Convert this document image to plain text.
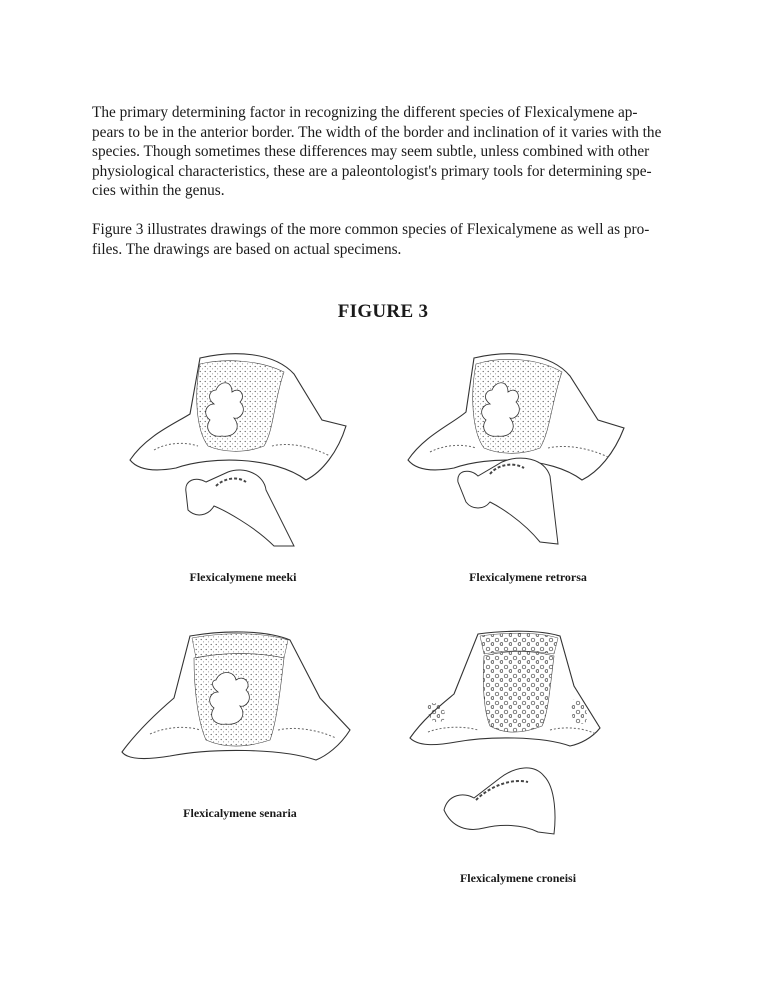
The primary determining factor in recognizing the different species of Flexicalymene ap-
pears to be in the anterior border. The width of the border and inclination of it varies with the
species. Though sometimes these differences may seem subtle, unless combined with other
physiological characteristics, these are a paleontologist's primary tools for determining spe-
cies within the genus.

Figure 3 illustrates drawings of the more common species of Flexicalymene as well as pro-
files. The drawings are based on actual specimens.

FIGURE 3
Flexicalymene meeki	Flexicalymene retrorsa
Flexicalymene senaria
Flexicalymene croneisi
